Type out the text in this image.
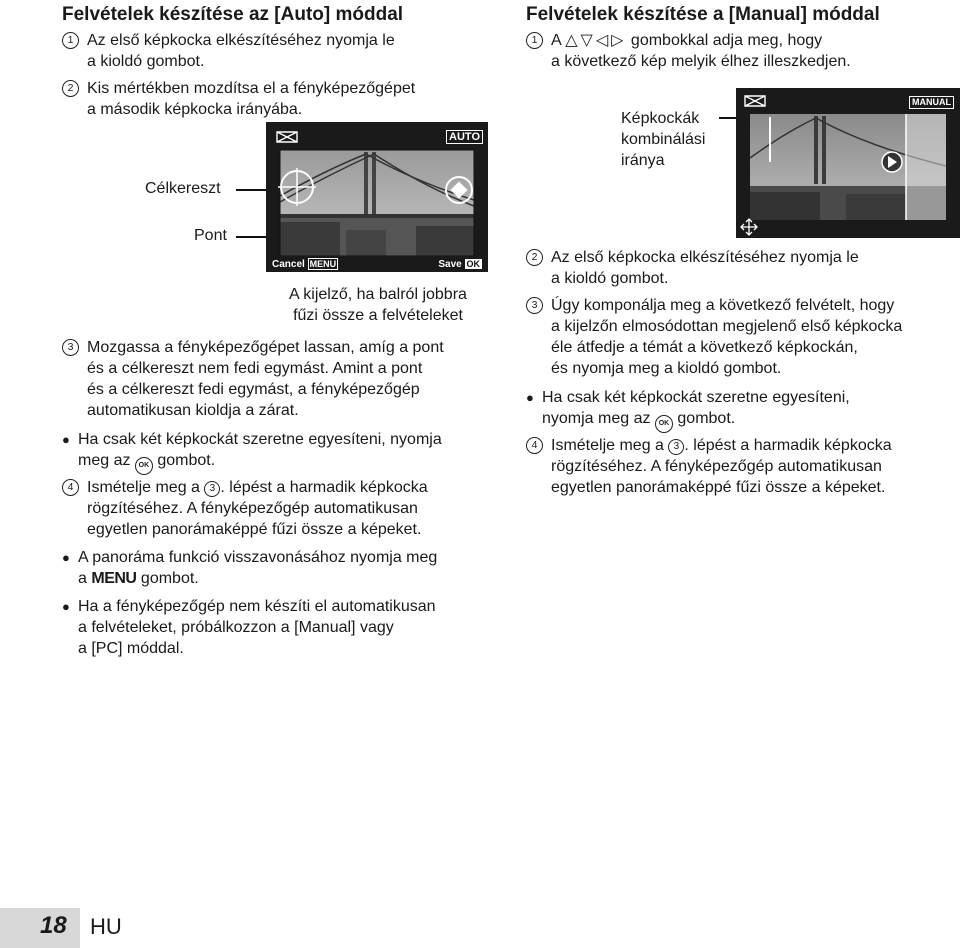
Felvételek készítése az [Auto] móddal
1 Az első képkocka elkészítéséhez nyomja le
a kioldó gombot.
2 Kis mértékben mozdítsa el a fényképezőgépet
a második képkocka irányába.
Célkereszt
Pont
AUTO
Cancel MENU	Save OK
A kijelző, ha balról jobbra
fűzi össze a felvételeket
3 Mozgassa a fényképezőgépet lassan, amíg a pont
és a célkereszt nem fedi egymást. Amint a pont
és a célkereszt fedi egymást, a fényképezőgép
automatikusan kioldja a zárat.
● Ha csak két képkockát szeretne egyesíteni, nyomja
meg az OK gombot.
4 Ismételje meg a 3 . lépést a harmadik képkocka
rögzítéséhez. A fényképezőgép automatikusan
egyetlen panorámaképpé fűzi össze a képeket.
● A panoráma funkció visszavonásához nyomja meg
a MENU gombot.
● Ha a fényképezőgép nem készíti el automatikusan
a felvételeket, próbálkozzon a [Manual] vagy
a [PC] móddal.
Felvételek készítése a [Manual] móddal
1 A △▽◁▷ gombokkal adja meg, hogy
a következő kép melyik élhez illeszkedjen.
Képkockák
kombinálási
iránya
MANUAL
2 Az első képkocka elkészítéséhez nyomja le
a kioldó gombot.
3 Úgy komponálja meg a következő felvételt, hogy
a kijelzőn elmosódottan megjelenő első képkocka
éle átfedje a témát a következő képkockán,
és nyomja meg a kioldó gombot.
● Ha csak két képkockát szeretne egyesíteni,
nyomja meg az OK gombot.
4 Ismételje meg a 3 . lépést a harmadik képkocka
rögzítéséhez. A fényképezőgép automatikusan
egyetlen panorámaképpé fűzi össze a képeket.
18 HU
